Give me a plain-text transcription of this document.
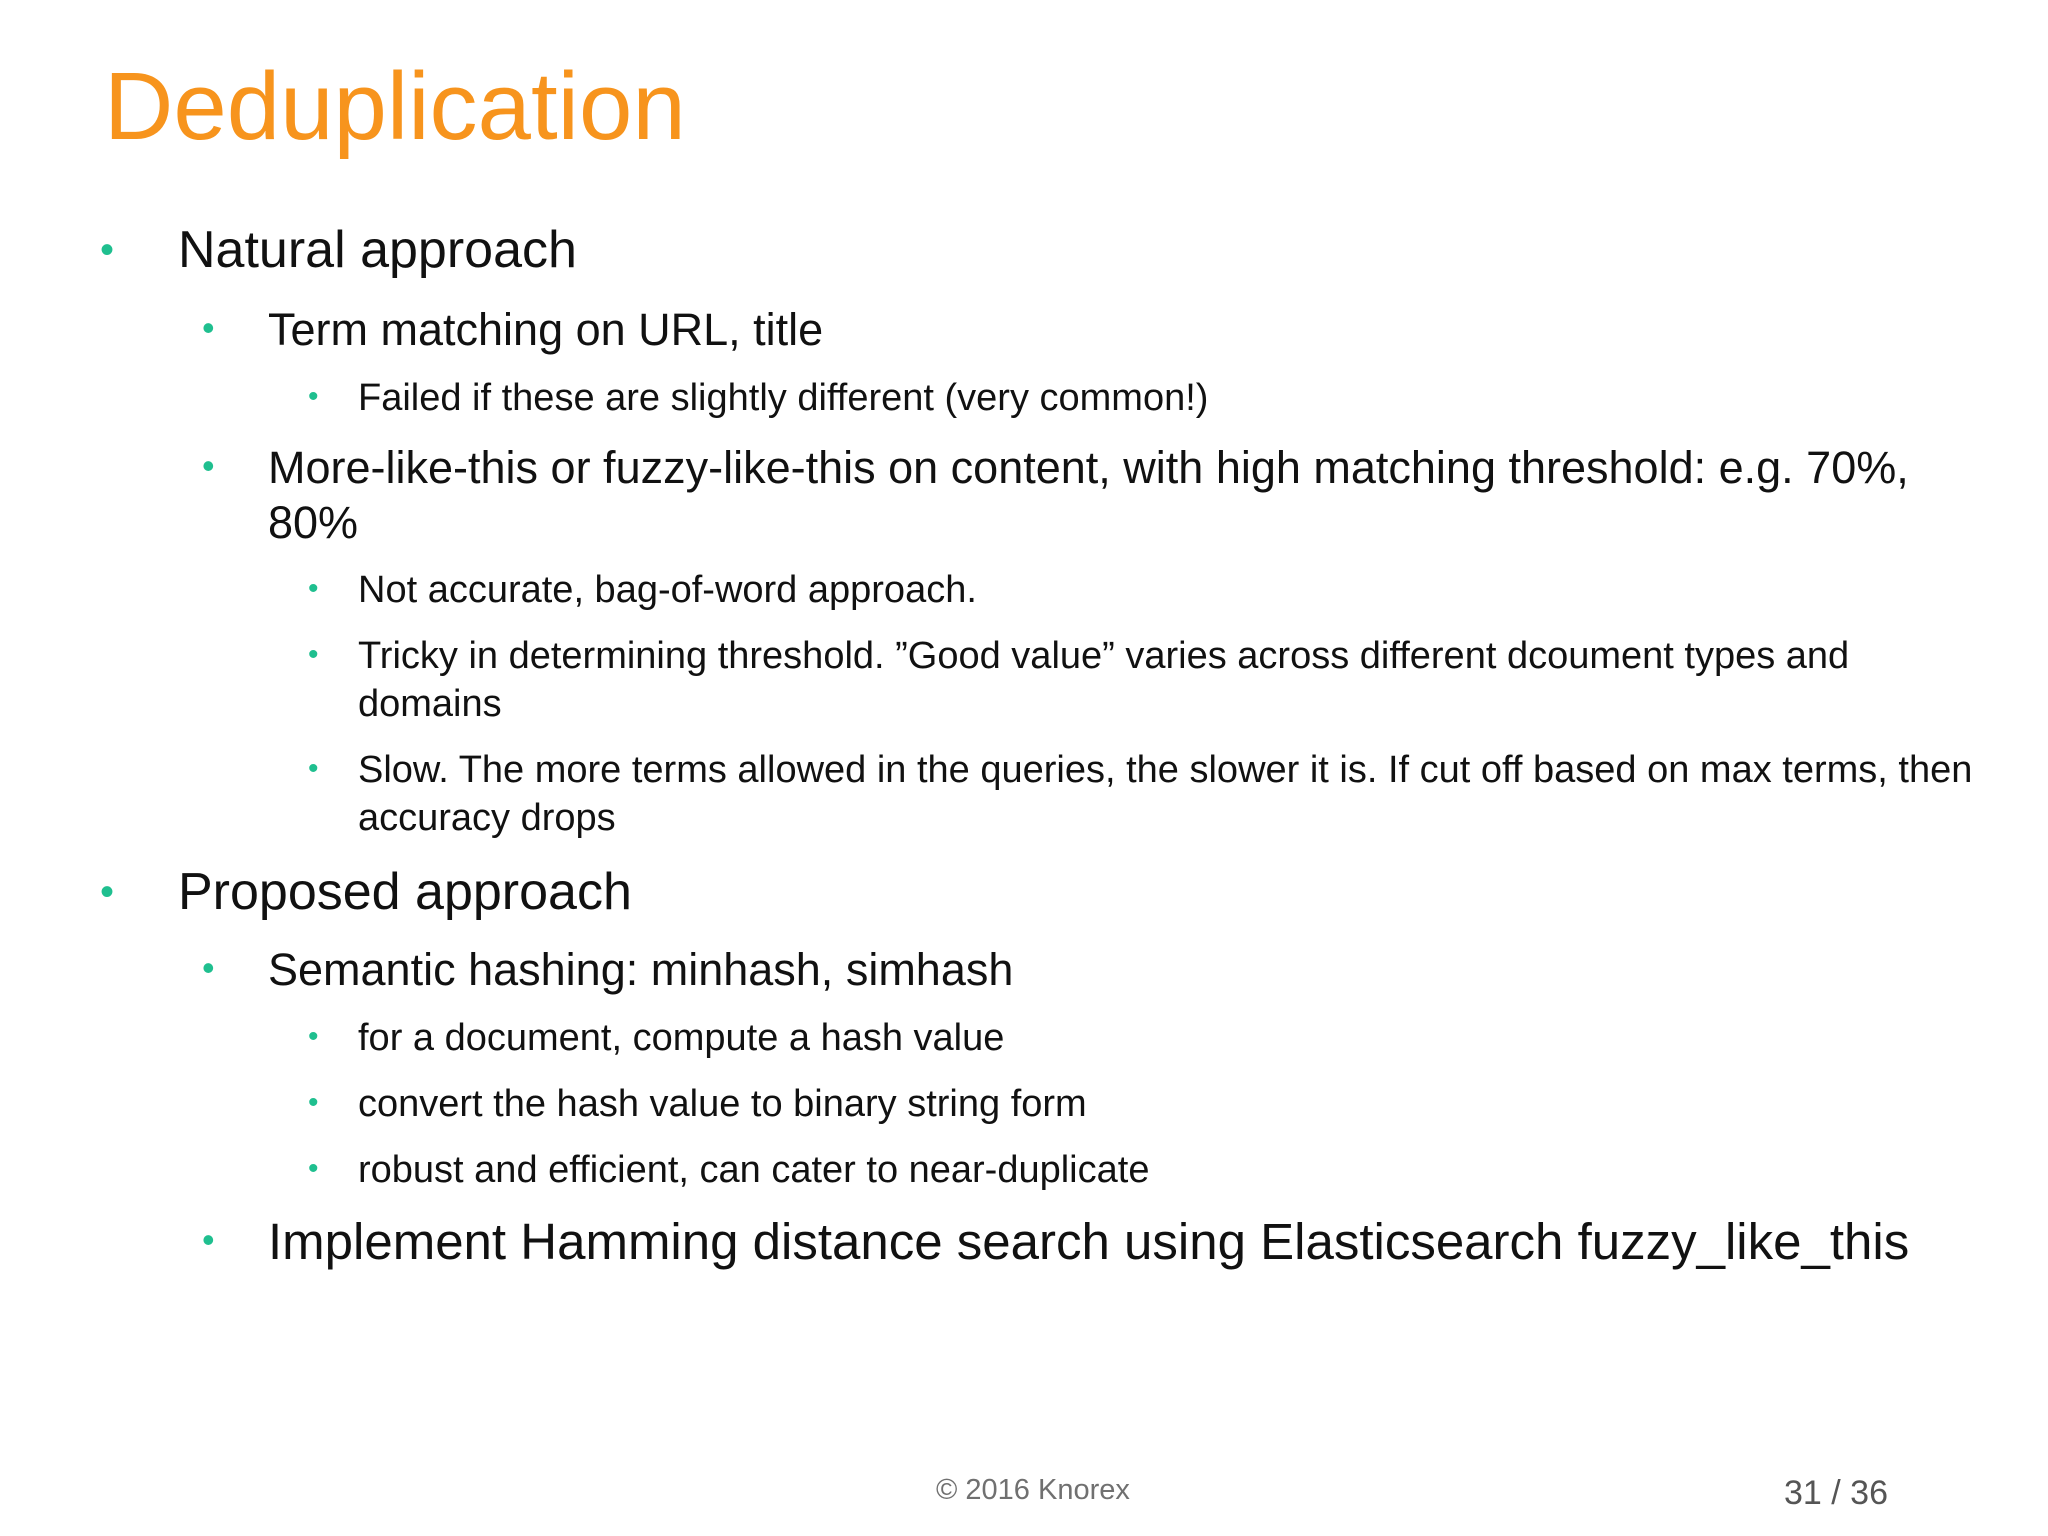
Deduplication
• Natural approach
• Term matching on URL, title
• Failed if these are slightly different (very common!)
• More-like-this or fuzzy-like-this on content, with high matching threshold: e.g. 70%, 80%
• Not accurate, bag-of-word approach.
• Tricky in determining threshold. ”Good value” varies across different dcoument types and domains
• Slow. The more terms allowed in the queries, the slower it is. If cut off based on max terms, then accuracy drops
• Proposed approach
• Semantic hashing: minhash, simhash
• for a document, compute a hash value
• convert the hash value to binary string form
• robust and efficient, can cater to near-duplicate
• Implement Hamming distance search using Elasticsearch fuzzy_like_this
© 2016 Knorex	31 / 36
